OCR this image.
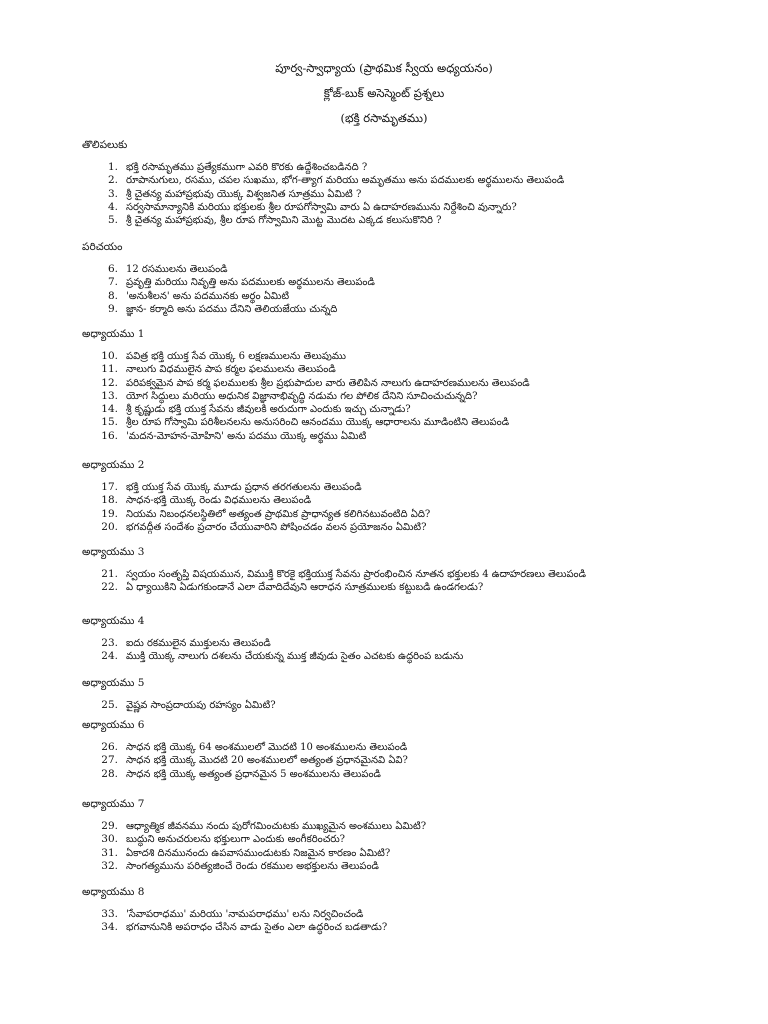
పూర్వ-స్వాధ్యాయ (ప్రాథమిక స్వీయ అధ్యయనం)
క్లోజ్-బుక్ అసెస్మెంట్ ప్రశ్నలు
(భక్తి రసామృతము)
తొలిపలుకు
1. భక్తి రసామృతము ప్రత్యేకముగా ఎవరి కొరకు ఉద్దేశించబడినది ?
2. రూపానుగులు, రసము, చపల సుఖము, భోగ-త్యాగ మరియు అమృతము అను పదములకు అర్థములను తెలుపండి
3. శ్రీ చైతన్య మహాప్రభువు యొక్క విశ్వజనిత సూత్రము ఏమిటి ?
4. సర్వసామాన్యానికి మరియు భక్తులకు శ్రీల రూపగోస్వామి వారు ఏ ఉదాహరణమును నిర్దేశించి వున్నారు?
5. శ్రీ చైతన్య మహాప్రభువు, శ్రీల రూప గోస్వామిని మొట్ట మొదట ఎక్కడ కలుసుకొనిరి ?
పరిచయం
6. 12 రసములను తెలుపండి
7. ప్రవృత్తి మరియు నివృత్తి అను పదములకు అర్థములను తెలుపండి
8. 'అనుశీలన' అను పదమునకు అర్థం ఏమిటి
9. జ్ఞాన- కర్మాది అను పదము దేనిని తెలియజేయు చున్నది
అధ్యాయము 1
10. పవిత్ర భక్తి యుక్త సేవ యొక్క 6 లక్షణములను తెలుపుము
11. నాలుగు విధములైన పాప కర్మల ఫలములను తెలుపండి
12. పరిపక్వమైన పాప కర్మ ఫలములకు శ్రీల ప్రభుపాదుల వారు తెలిపిన నాలుగు ఉదాహరణములను తెలుపండి
13. యోగ సిద్ధులు మరియు అధునిక విజ్ఞానాభివృద్ధి నడుమ గల పోలిక దేనిని సూచించుచున్నది?
14. శ్రీ కృష్ణుడు భక్తి యుక్త సేవను జీవులకి అరుదుగా ఎందుకు ఇచ్చు చున్నాడు?
15. శ్రీల రూప గోస్వామి పరిశీలనలను అనుసరించి ఆనందము యొక్క ఆధారాలను మూడింటిని తెలుపండి
16. 'మదన-మోహన-మోహిని' అను పదము యొక్క అర్థము ఏమిటి
అధ్యాయము 2
17. భక్తి యుక్త సేవ యొక్క మూడు ప్రధాన తరగతులను తెలుపండి
18. సాధన-భక్తి యొక్క రెండు విధములను తెలుపండి
19. నియమ నిబంధనలస్థితిలో అత్యంత ప్రాథమిక ప్రాధాన్యత కలిగినటువంటిది ఏది?
20. భగవద్గీత సందేశం ప్రచారం చేయువారిని పోషించడం వలన ప్రయోజనం ఏమిటి?
అధ్యాయము 3
21. స్వయం సంతృప్తి విషయమున, విముక్తి కొరకై భక్తియుక్త సేవను ప్రారంభించిన నూతన భక్తులకు 4 ఉదాహరణలు తెలుపండి
22. ఏ ధ్యాయికిని ఏడుగకుండానే ఎలా దేవాదిదేవుని ఆరాధన సూత్రములకు కట్టుబడి ఉండగలడు?
అధ్యాయము 4
23. ఐదు రకములైన ముక్తులను తెలుపండి
24. ముక్తి యొక్క నాలుగు దశలను చేయకున్న ముక్త జీవుడు సైతం ఎచటకు ఉద్ధరింప బడును
అధ్యాయము 5
25. వైష్ణవ సాంప్రదాయపు రహస్యం ఏమిటి?
అధ్యాయము 6
26. సాధన భక్తి యొక్క 64 అంశములలో మొదటి 10 అంశములను తెలుపండి
27. సాధన భక్తి యొక్క మొదటి 20 అంశములలో అత్యంత ప్రధానమైనవి ఏవి?
28. సాధన భక్తి యొక్క అత్యంత ప్రధానమైన 5 అంశములను తెలుపండి
అధ్యాయము 7
29. ఆధ్యాత్మిక జీవనము నందు పురోగమించుటకు ముఖ్యమైన అంశములు ఏమిటి?
30. బుద్ధుని అనుచరులను భక్తులుగా ఎందుకు అంగీకరించరు?
31. ఏకాదశి దినమునందు ఉపవాసముండుటకు నిజమైన కారణం ఏమిటి?
32. సాంగత్యమును పరిత్యజించే రెండు రకముల అభక్తులను తెలుపండి
అధ్యాయము 8
33. 'సేవాపరాధము' మరియు 'నామపరాధము' లను నిర్వచించండి
34. భగవానునికి అపరాధం చేసిన వాడు సైతం ఎలా ఉద్ధరించ బడతాడు?
